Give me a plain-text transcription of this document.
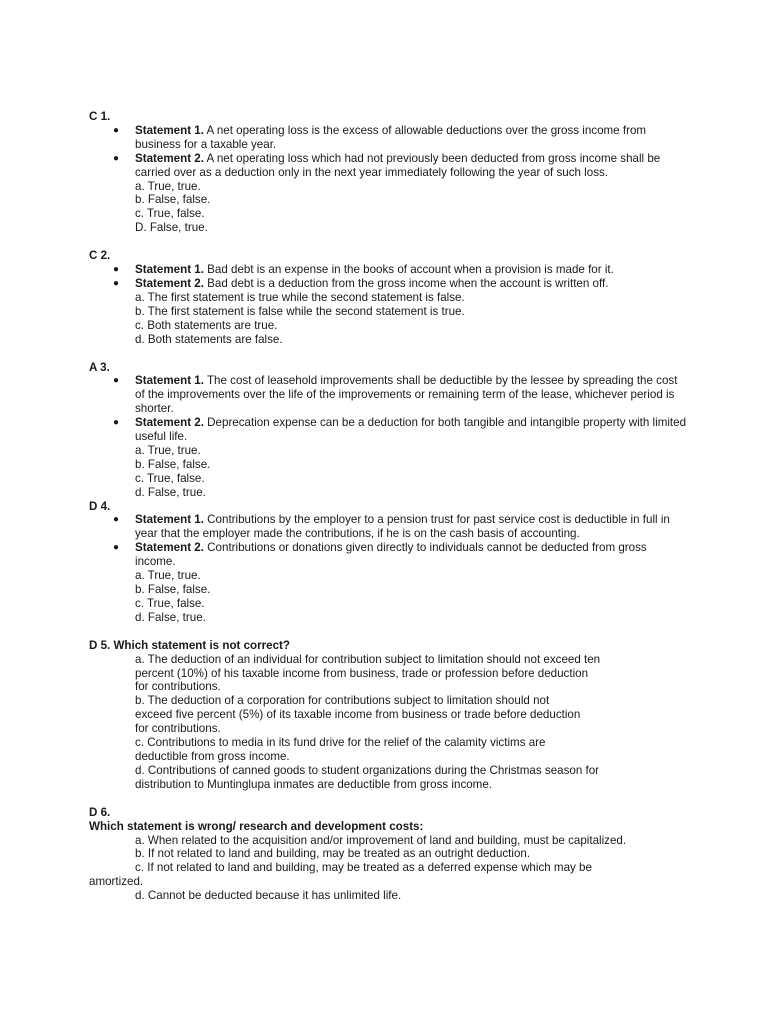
C 1.
● Statement 1. A net operating loss is the excess of allowable deductions over the gross income from business for a taxable year.
● Statement 2. A net operating loss which had not previously been deducted from gross income shall be carried over as a deduction only in the next year immediately following the year of such loss.
a. True, true.
b. False, false.
c. True, false.
D. False, true.
C 2.
● Statement 1. Bad debt is an expense in the books of account when a provision is made for it.
● Statement 2. Bad debt is a deduction from the gross income when the account is written off.
a. The first statement is true while the second statement is false.
b. The first statement is false while the second statement is true.
c. Both statements are true.
d. Both statements are false.
A 3.
● Statement 1. The cost of leasehold improvements shall be deductible by the lessee by spreading the cost of the improvements over the life of the improvements or remaining term of the lease, whichever period is shorter.
● Statement 2. Deprecation expense can be a deduction for both tangible and intangible property with limited useful life.
a. True, true.
b. False, false.
c. True, false.
d. False, true.
D 4.
● Statement 1. Contributions by the employer to a pension trust for past service cost is deductible in full in year that the employer made the contributions, if he is on the cash basis of accounting.
● Statement 2. Contributions or donations given directly to individuals cannot be deducted from gross income.
a. True, true.
b. False, false.
c. True, false.
d. False, true.
D 5. Which statement is not correct?
a. The deduction of an individual for contribution subject to limitation should not exceed ten
percent (10%) of his taxable income from business, trade or profession before deduction
for contributions.
b. The deduction of a corporation for contributions subject to limitation should not
exceed five percent (5%) of its taxable income from business or trade before deduction
for contributions.
c. Contributions to media in its fund drive for the relief of the calamity victims are
deductible from gross income.
d. Contributions of canned goods to student organizations during the Christmas season for
distribution to Muntinglupa inmates are deductible from gross income.
D 6.
Which statement is wrong/ research and development costs:
a. When related to the acquisition and/or improvement of land and building, must be capitalized.
b. If not related to land and building, may be treated as an outright deduction.
c. If not related to land and building, may be treated as a deferred expense which may be
amortized.
d. Cannot be deducted because it has unlimited life.
